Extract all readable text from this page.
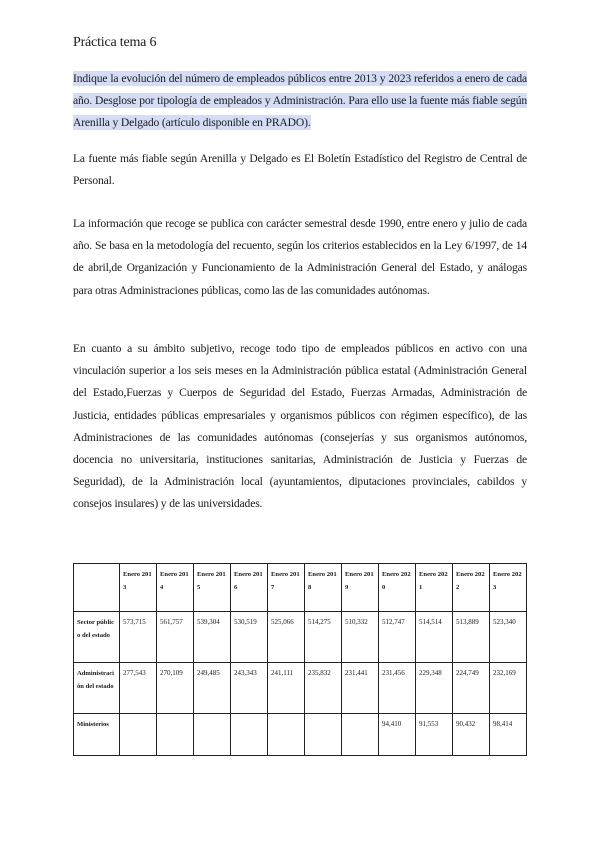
Práctica tema 6
Indique la evolución del número de empleados públicos entre 2013 y 2023 referidos a enero de cada año. Desglose por tipología de empleados y Administración. Para ello use la fuente más fiable según Arenilla y Delgado (artículo disponible en PRADO).
La fuente más fiable según Arenilla y Delgado es El Boletín Estadístico del Registro de Central de Personal.
La información que recoge se publica con carácter semestral desde 1990, entre enero y julio de cada año. Se basa en la metodología del recuento, según los criterios establecidos en la Ley 6/1997, de 14 de abril,de Organización y Funcionamiento de la Administración General del Estado, y análogas para otras Administraciones públicas, como las de las comunidades autónomas.
En cuanto a su ámbito subjetivo, recoge todo tipo de empleados públicos en activo con una vinculación superior a los seis meses en la Administración pública estatal (Administración General del Estado,Fuerzas y Cuerpos de Seguridad del Estado, Fuerzas Armadas, Administración de Justicia, entidades públicas empresariales y organismos públicos con régimen específico), de las Administraciones de las comunidades autónomas (consejerías y sus organismos autónomos, docencia no universitaria, instituciones sanitarias, Administración de Justicia y Fuerzas de Seguridad), de la Administración local (ayuntamientos, diputaciones provinciales, cabildos y consejos insulares) y de las universidades.
	Enero 2013	Enero 2014	Enero 2015	Enero 2016	Enero 2017	Enero 2018	Enero 2019	Enero 2020	Enero 2021	Enero 2022	Enero 2023
Sector público del estado	573,715	561,757	539,304	530,519	525,066	514,275	510,332	512,747	514,514	513,889	523,340
Administración del estado	277,543	270,109	249,485	243,343	241,111	235,832	231,441	231,456	229,348	224,749	232,169
Ministerios								94,410	91,553	90,432	98,414
